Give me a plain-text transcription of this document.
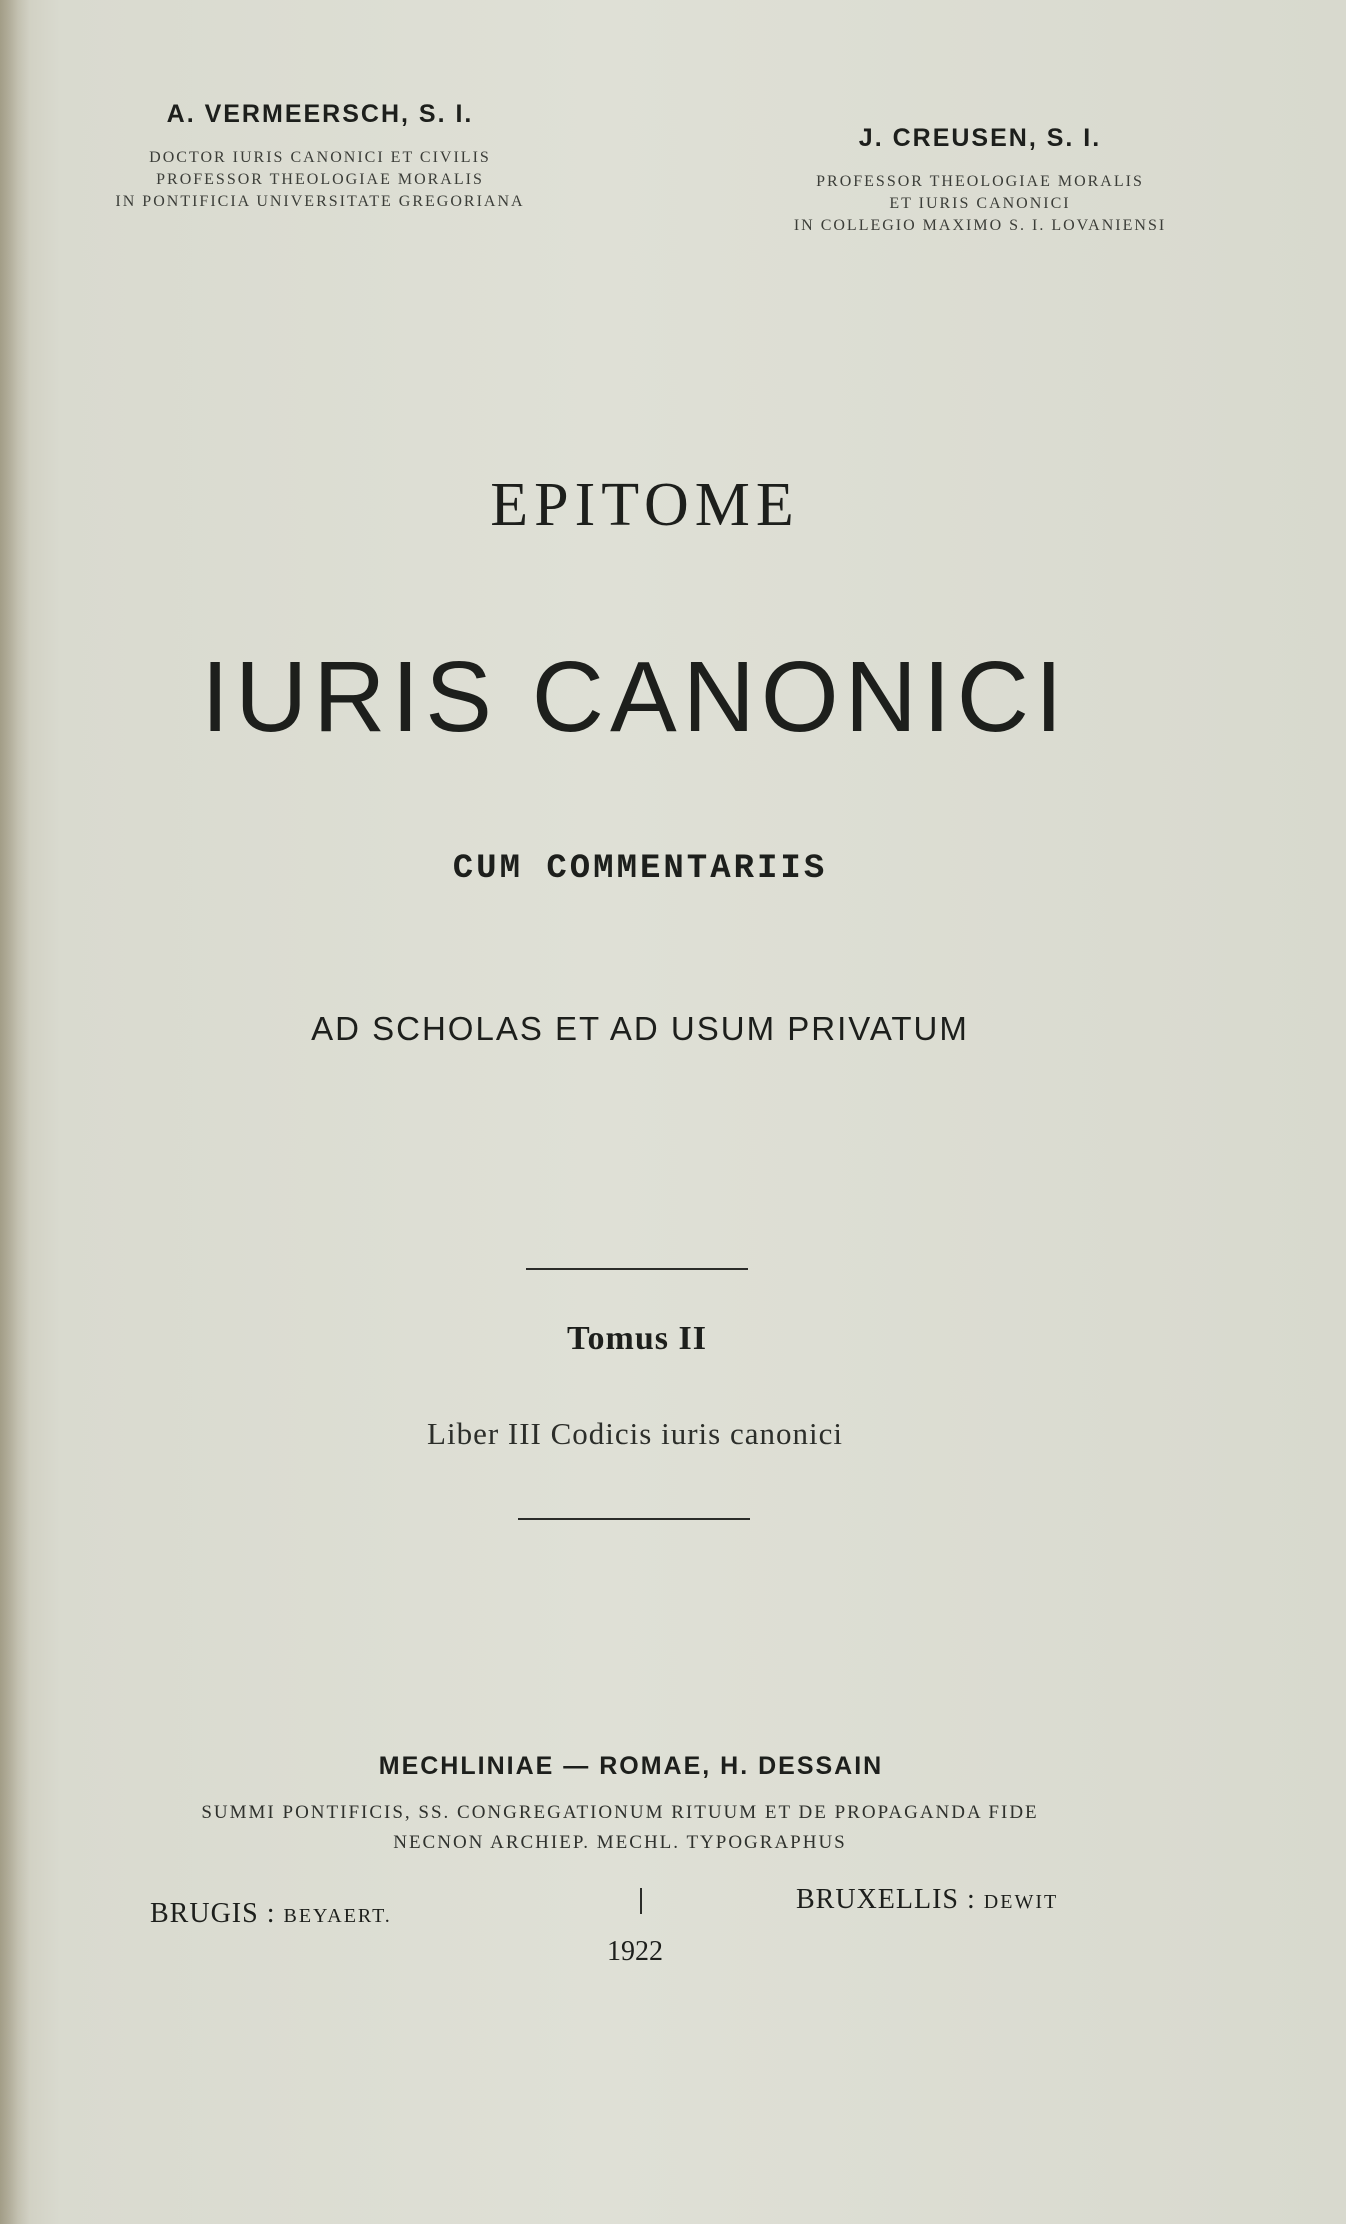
A. VERMEERSCH, S. I.
DOCTOR IURIS CANONICI ET CIVILIS
PROFESSOR THEOLOGIAE MORALIS
IN PONTIFICIA UNIVERSITATE GREGORIANA
J. CREUSEN, S. I.
PROFESSOR THEOLOGIAE MORALIS
ET IURIS CANONICI
IN COLLEGIO MAXIMO S. I. LOVANIENSI
EPITOME
IURIS CANONICI
CUM COMMENTARIIS
AD SCHOLAS ET AD USUM PRIVATUM
Tomus II
Liber III Codicis iuris canonici
MECHLINIAE — ROMAE, H. DESSAIN
SUMMI PONTIFICIS, SS. CONGREGATIONUM RITUUM ET DE PROPAGANDA FIDE
NECNON ARCHIEP. MECHL. TYPOGRAPHUS
BRUGIS : BEYAERT.
BRUXELLIS : DEWIT
1922
